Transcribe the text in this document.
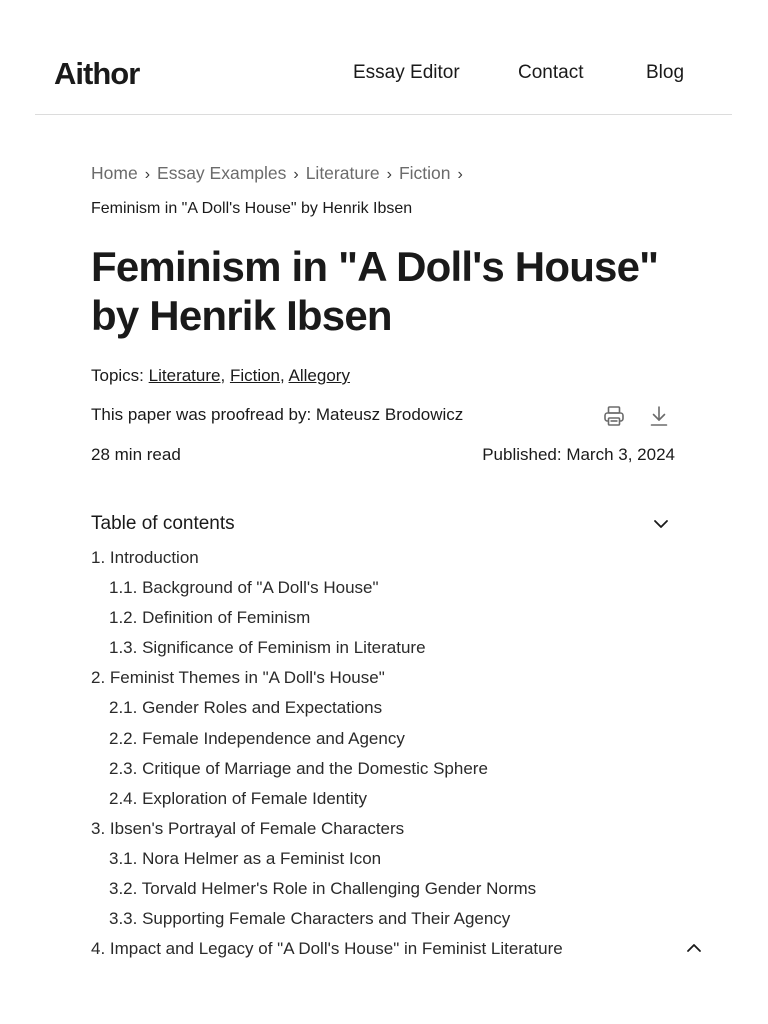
Aithor	Essay Editor	Contact	Blog
Home › Essay Examples › Literature › Fiction ›
Feminism in "A Doll's House" by Henrik Ibsen
Feminism in "A Doll's House" by Henrik Ibsen
Topics: Literature, Fiction, Allegory
This paper was proofread by: Mateusz Brodowicz
28 min read	Published: March 3, 2024
Table of contents
1. Introduction
1.1. Background of "A Doll's House"
1.2. Definition of Feminism
1.3. Significance of Feminism in Literature
2. Feminist Themes in "A Doll's House"
2.1. Gender Roles and Expectations
2.2. Female Independence and Agency
2.3. Critique of Marriage and the Domestic Sphere
2.4. Exploration of Female Identity
3. Ibsen's Portrayal of Female Characters
3.1. Nora Helmer as a Feminist Icon
3.2. Torvald Helmer's Role in Challenging Gender Norms
3.3. Supporting Female Characters and Their Agency
4. Impact and Legacy of "A Doll's House" in Feminist Literature
